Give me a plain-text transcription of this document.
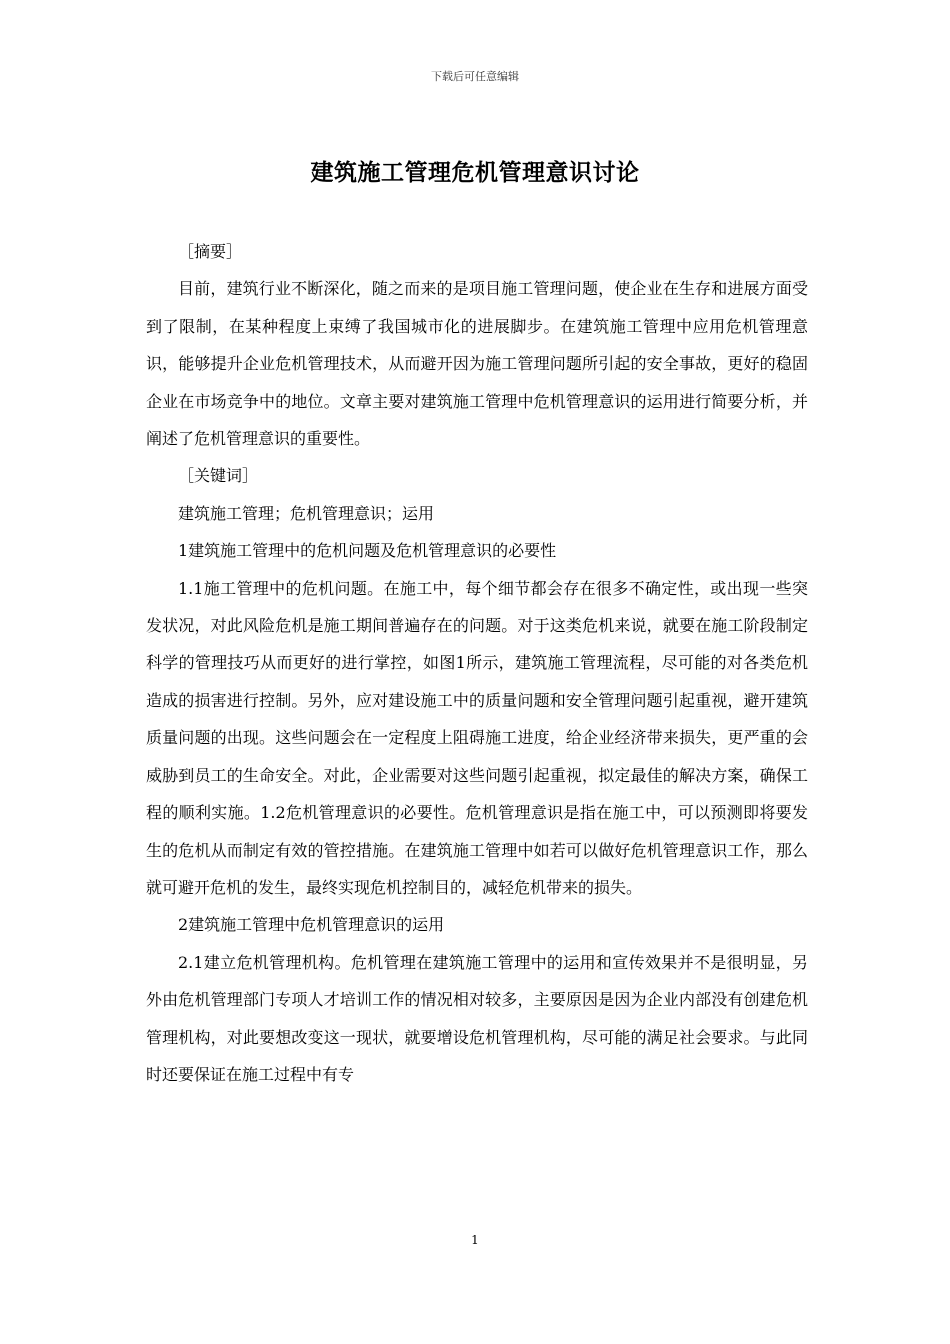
下载后可任意编辑
建筑施工管理危机管理意识讨论

［摘要］

目前，建筑行业不断深化，随之而来的是项目施工管理问题，使企业在生存和进展方面受到了限制，在某种程度上束缚了我国城市化的进展脚步。在建筑施工管理中应用危机管理意识，能够提升企业危机管理技术，从而避开因为施工管理问题所引起的安全事故，更好的稳固企业在市场竞争中的地位。文章主要对建筑施工管理中危机管理意识的运用进行简要分析，并阐述了危机管理意识的重要性。

［关键词］

建筑施工管理；危机管理意识；运用

1建筑施工管理中的危机问题及危机管理意识的必要性

1.1施工管理中的危机问题。在施工中，每个细节都会存在很多不确定性，或出现一些突发状况，对此风险危机是施工期间普遍存在的问题。对于这类危机来说，就要在施工阶段制定科学的管理技巧从而更好的进行掌控，如图1所示，建筑施工管理流程，尽可能的对各类危机造成的损害进行控制。另外，应对建设施工中的质量问题和安全管理问题引起重视，避开建筑质量问题的出现。这些问题会在一定程度上阻碍施工进度，给企业经济带来损失，更严重的会威胁到员工的生命安全。对此，企业需要对这些问题引起重视，拟定最佳的解决方案，确保工程的顺利实施。1.2危机管理意识的必要性。危机管理意识是指在施工中，可以预测即将要发生的危机从而制定有效的管控措施。在建筑施工管理中如若可以做好危机管理意识工作，那么就可避开危机的发生，最终实现危机控制目的，减轻危机带来的损失。

2建筑施工管理中危机管理意识的运用

2.1建立危机管理机构。危机管理在建筑施工管理中的运用和宣传效果并不是很明显，另外由危机管理部门专项人才培训工作的情况相对较多，主要原因是因为企业内部没有创建危机管理机构，对此要想改变这一现状，就要增设危机管理机构，尽可能的满足社会要求。与此同时还要保证在施工过程中有专

1
